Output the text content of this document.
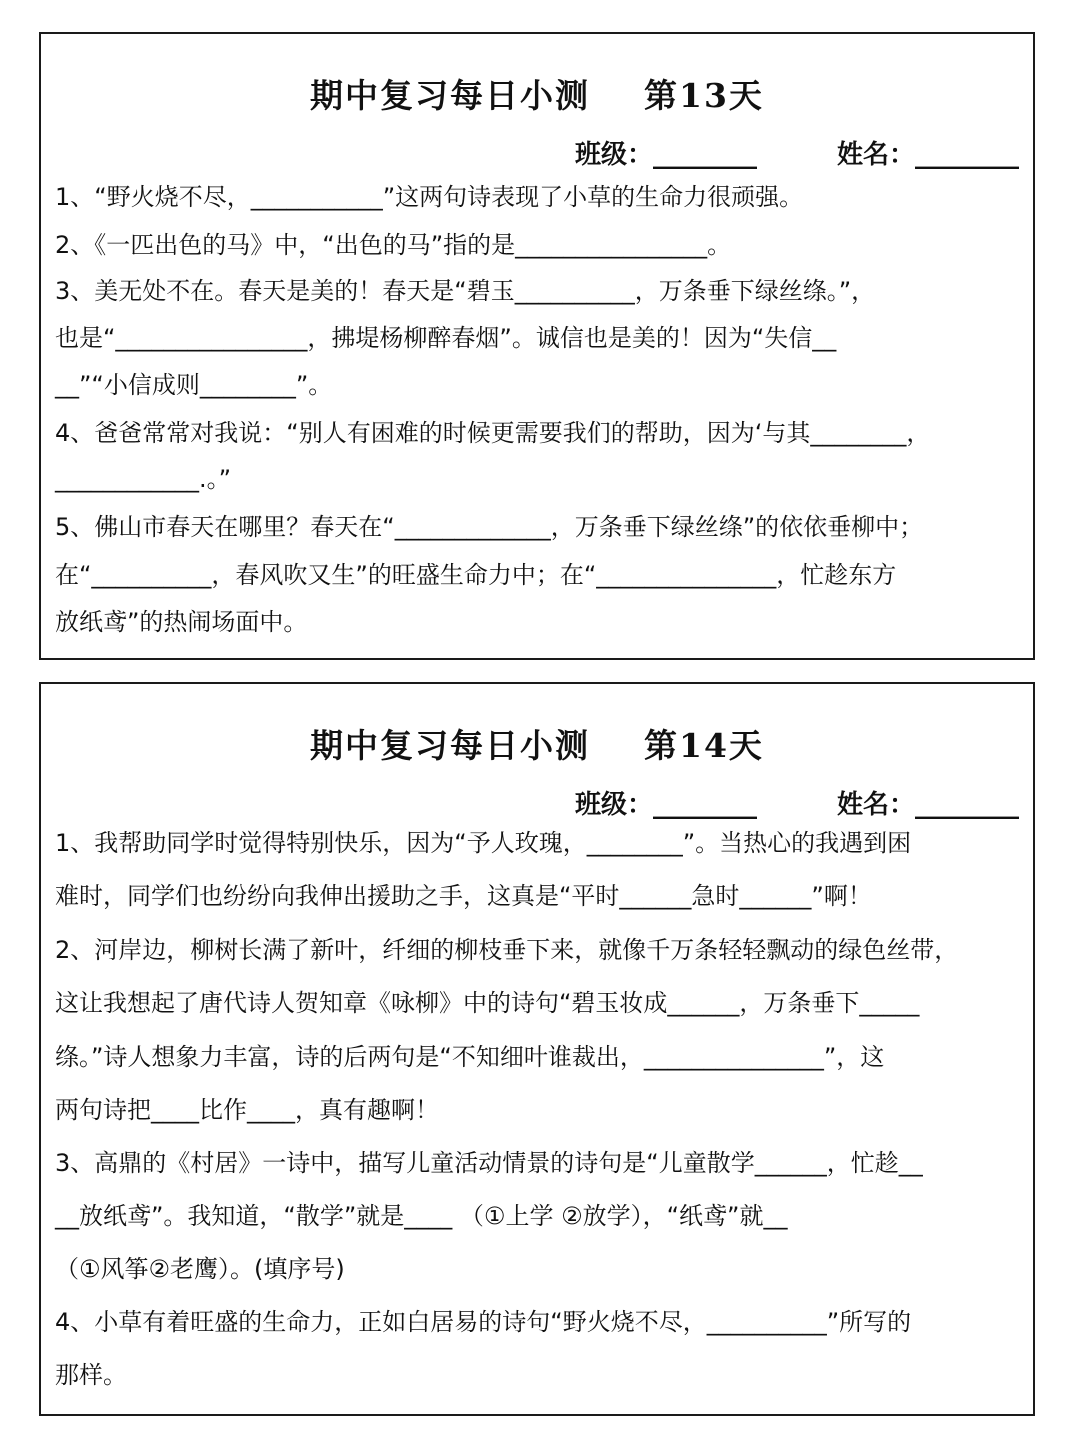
期中复习每日小测    第13天
班级：________	姓名：________
1、“野火烧不尽，___________”这两句诗表现了小草的生命力很顽强。
2、《一匹出色的马》中，“出色的马”指的是________________。
3、美无处不在。春天是美的！春天是“碧玉__________，万条垂下绿丝绦。”，
也是“________________，拂堤杨柳醉春烟”。诚信也是美的！因为“失信__
__”“小信成则________”。
4、爸爸常常对我说：“别人有困难的时候更需要我们的帮助，因为‘与其________，
____________.。”
5、佛山市春天在哪里？春天在“_____________，万条垂下绿丝绦”的依依垂柳中；
在“__________，春风吹又生”的旺盛生命力中；在“_______________，忙趁东方
放纸鸢”的热闹场面中。
期中复习每日小测    第14天
班级：________	姓名：________
1、我帮助同学时觉得特别快乐，因为“予人玫瑰，________”。当热心的我遇到困
难时，同学们也纷纷向我伸出援助之手，这真是“平时______急时______”啊！
2、河岸边，柳树长满了新叶，纤细的柳枝垂下来，就像千万条轻轻飘动的绿色丝带，
这让我想起了唐代诗人贺知章《咏柳》中的诗句“碧玉妆成______，万条垂下_____
绦。”诗人想象力丰富，诗的后两句是“不知细叶谁裁出，_______________”，这
两句诗把____比作____，真有趣啊！
3、高鼎的《村居》一诗中，描写儿童活动情景的诗句是“儿童散学______，忙趁__
__放纸鸢”。我知道，“散学”就是____ （①上学 ②放学），“纸鸢”就__
（①风筝②老鹰）。(填序号)
4、小草有着旺盛的生命力，正如白居易的诗句“野火烧不尽，__________”所写的
那样。
